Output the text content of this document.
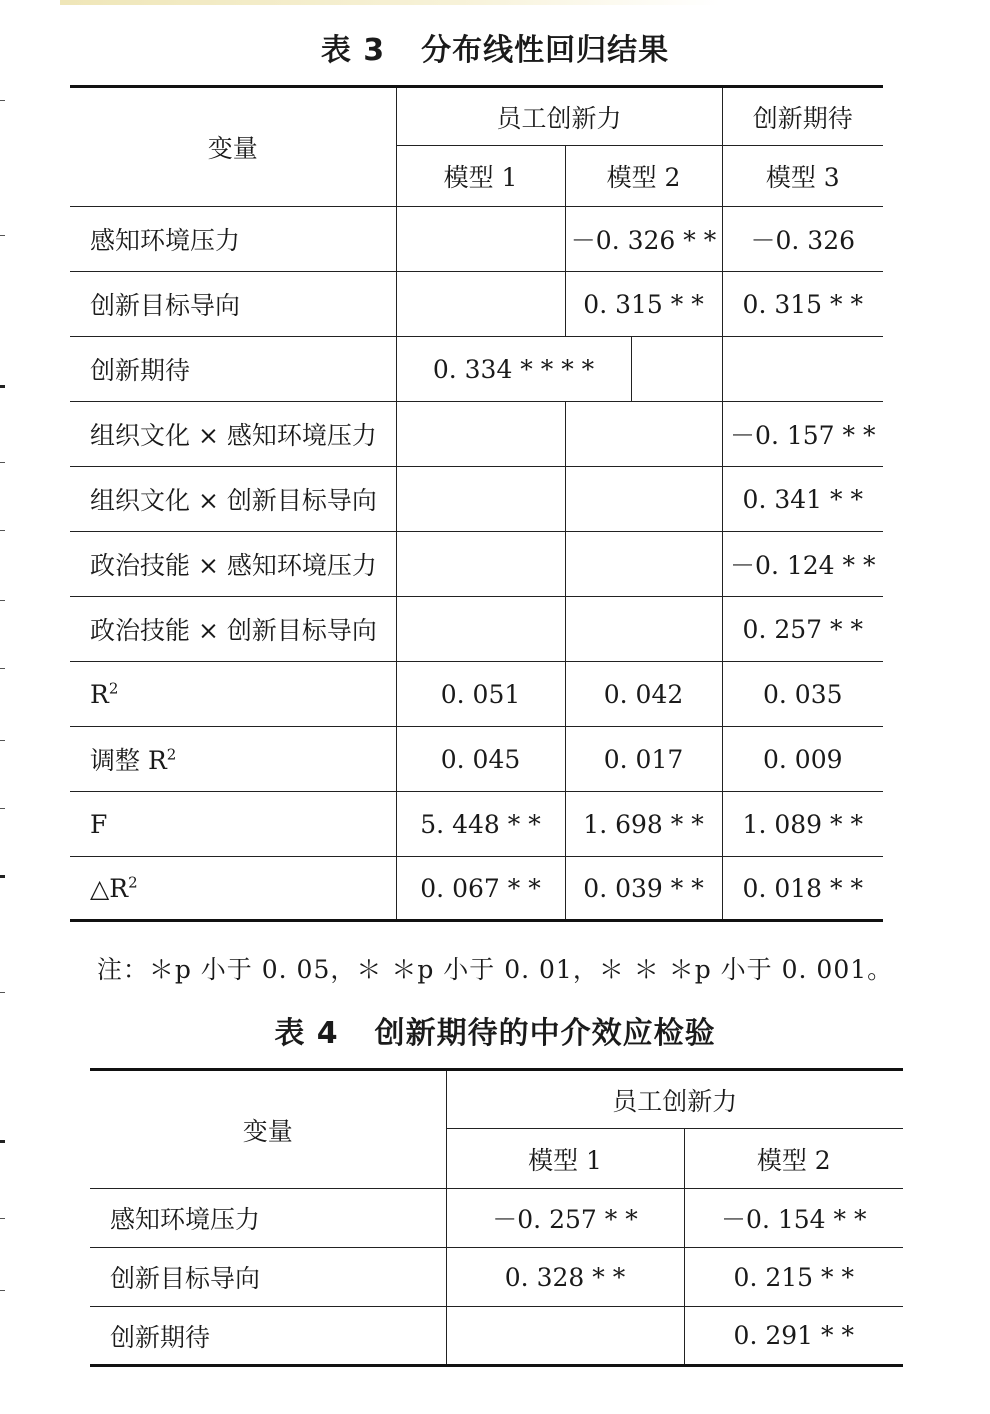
表 3 分布线性回归结果
变量	员工创新力			创新期待
	模型 1	模型 2		模型 3
感知环境压力		－0. 326 * *		－0. 326
创新目标导向		0. 315 * *		0. 315 * *
创新期待	0. 334 * * * *			
组织文化 × 感知环境压力				－0. 157 * *
组织文化 × 创新目标导向				0. 341 * *
政治技能 × 感知环境压力				－0. 124 * *
政治技能 × 创新目标导向				0. 257 * *
$R^2$	0. 051	0. 042		0. 035
调整 $R^2$	0. 045	0. 017		0. 009
F	5. 448 * *	1. 698 * *		1. 089 * *
$\triangle R^2$	0. 067 * *	0. 039 * *		0. 018 * *
注：＊p 小于 0. 05，＊ ＊p 小于 0. 01，＊ ＊ ＊p 小于 0. 001。
表 4 创新期待的中介效应检验
变量	员工创新力	
	模型 1	模型 2
感知环境压力	－0. 257 * *	－0. 154 * *
创新目标导向	0. 328 * *	0. 215 * *
创新期待		0. 291 * *
